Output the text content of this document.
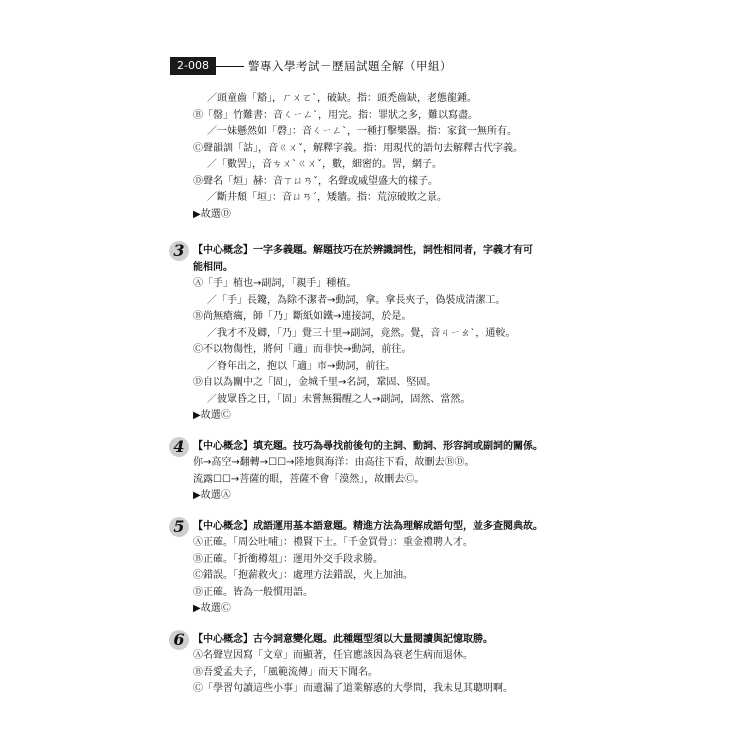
2-008	警專入學考試－歷屆試題全解（甲組）
／頭童齒「豁」，ㄏㄨㄛˋ，破缺。指：頭禿齒缺，老態龍鍾。
Ⓑ「罄」竹難書：音ㄑㄧㄥˋ，用完。指：罪狀之多，難以寫盡。
／一妹懸然如「磬」：音ㄑㄧㄥˋ，一種打擊樂器。指：家貧一無所有。
Ⓒ聲韻訓「詁」，音ㄍㄨˇ，解釋字義。指：用現代的語句去解釋古代字義。
／「數罟」，音ㄘㄨˋㄍㄨˇ，數，細密的。罟，網子。
Ⓓ聲名「烜」赫：音ㄒㄩㄢˇ，名聲或威望盛大的樣子。
／斷井頹「垣」：音ㄩㄢˊ，矮牆。指：荒涼破敗之景。
▶故選Ⓓ
3 【中心概念】一字多義題。解題技巧在於辨識詞性，詞性相同者，字義才有可
能相同。
Ⓐ「手」植也→副詞，「親手」種植。
／「手」長鑱，為除不潔者→動詞，拿。拿長夾子，偽裝成清潔工。
Ⓑ尚無瘡癘，師「乃」斷紙如鐵→連接詞，於是。
／我才不及卿，「乃」覺三十里→副詞，竟然。覺，音ㄐㄧㄠˋ，通較。
Ⓒ不以物傷性，將何「適」而非快→動詞，前往。
／脊年出之，抱以「適」市→動詞，前往。
Ⓓ自以為關中之「固」，金城千里→名詞，鞏固、堅固。
／彼眾昏之日，「固」未嘗無獨醒之人→副詞，固然、當然。
▶故選Ⓒ
4 【中心概念】填充題。技巧為尋找前後句的主詞、動詞、形容詞或副詞的關係。
你→高空→翻轉→☐☐→陸地與海洋：由高往下看，故刪去ⒷⒹ。
流露☐☐→菩薩的眼，菩薩不會「漠然」，故刪去Ⓒ。
▶故選Ⓐ
5 【中心概念】成語運用基本語意題。精進方法為理解成語句型，並多查閱典故。
Ⓐ正確。「周公吐哺」：禮賢下士。「千金買骨」：重金禮聘人才。
Ⓑ正確。「折衝樽俎」：運用外交手段求勝。
Ⓒ錯誤。「抱薪救火」：處理方法錯誤，火上加油。
Ⓓ正確。皆為一般慣用語。
▶故選Ⓒ
6 【中心概念】古今詞意變化題。此種題型須以大量閱讀與記憶取勝。
Ⓐ名聲豈因寫「文章」而顯著，任官應該因為衰老生病而退休。
Ⓑ吾愛孟夫子，「風範流傳」而天下聞名。
Ⓒ「學習句讀這些小事」而遺漏了道業解惑的大學問，我未見其聰明啊。
